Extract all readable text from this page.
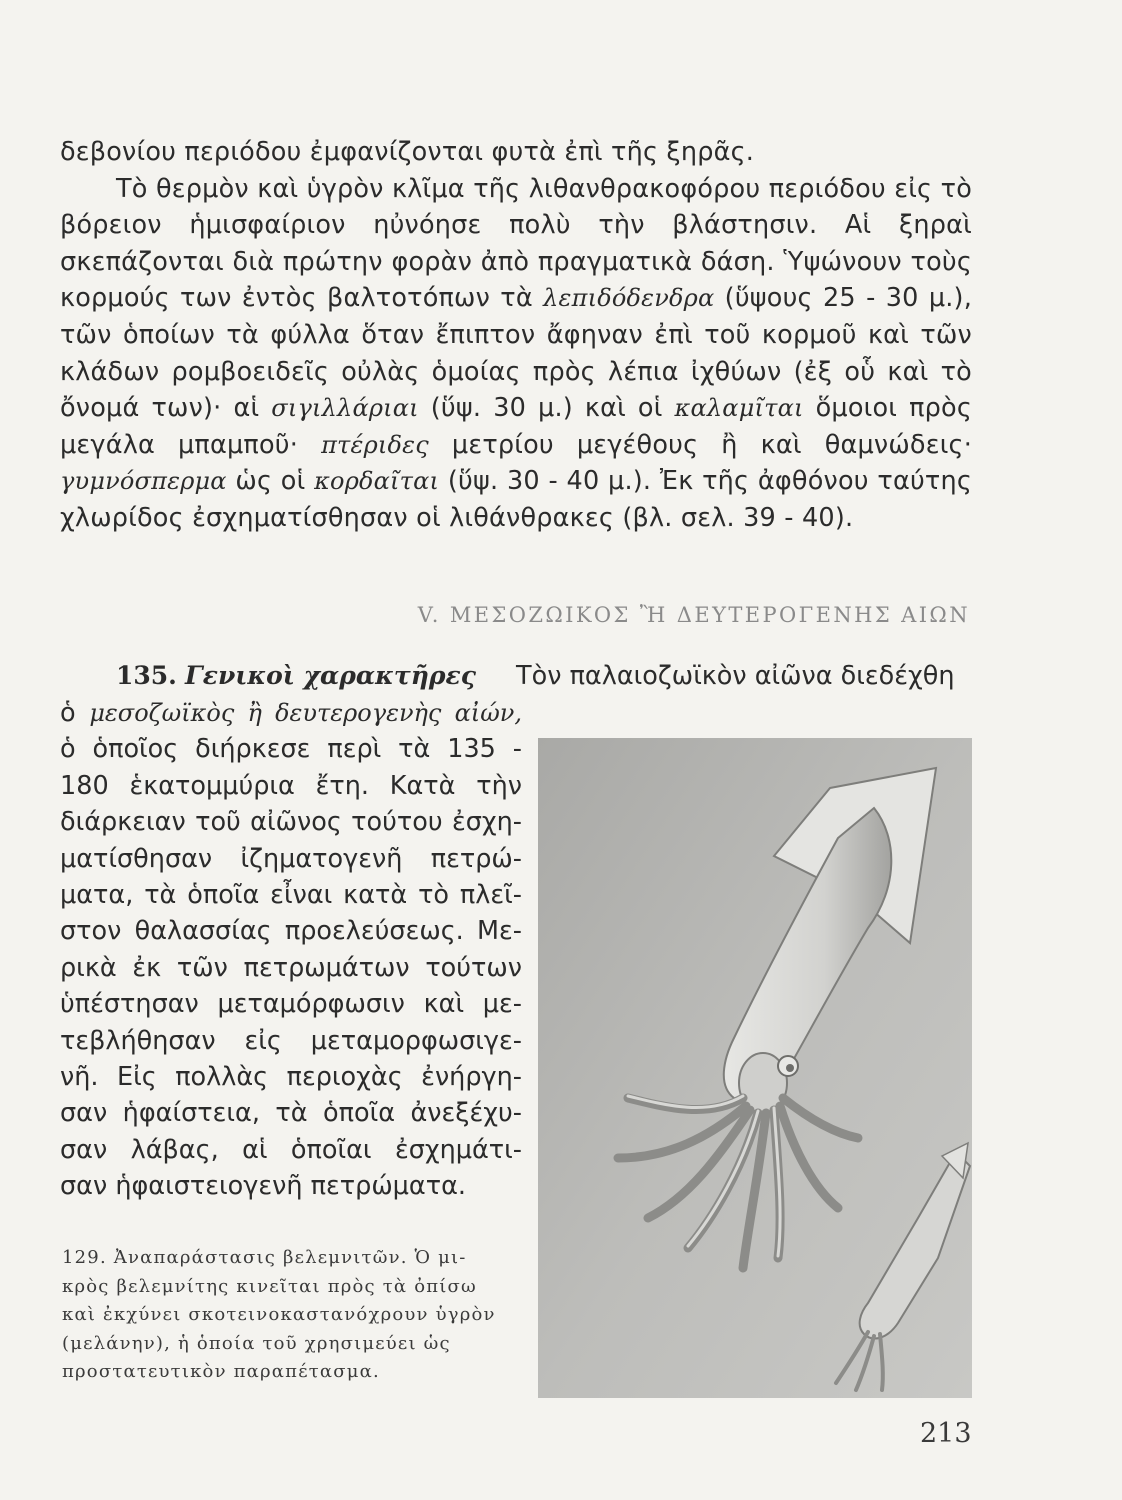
δεβονίου περιόδου ἐμφανίζονται φυτὰ ἐπὶ τῆς ξηρᾶς.
Τὸ θερμὸν καὶ ὑγρὸν κλῖμα τῆς λιθανθρακοφόρου περιόδου εἰς τὸ βόρειον ἡμισφαίριον ηὐνόησε πολὺ τὴν βλάστησιν. Αἱ ξηραὶ σκεπάζονται διὰ πρώτην φορὰν ἀπὸ πραγματικὰ δάση. Ὑψώνουν τοὺς κορμούς των ἐντὸς βαλτοτόπων τὰ λεπιδόδενδρα (ὕψους 25 - 30 μ.), τῶν ὁποίων τὰ φύλλα ὅταν ἔπιπτον ἄφηναν ἐπὶ τοῦ κορμοῦ καὶ τῶν κλάδων ρομβοειδεῖς οὐλὰς ὁμοίας πρὸς λέπια ἰχθύων (ἐξ οὗ καὶ τὸ ὄνομά των)· αἱ σιγιλλάριαι (ὕψ. 30 μ.) καὶ οἱ καλαμῖται ὅμοιοι πρὸς μεγάλα μπαμποῦ· πτέριδες μετρίου μεγέθους ἢ καὶ θαμνώδεις· γυμνόσπερμα ὡς οἱ κορδαῖται (ὕψ. 30 - 40 μ.). Ἐκ τῆς ἀφθόνου ταύτης χλωρίδος ἐσχηματίσθησαν οἱ λιθάνθρακες (βλ. σελ. 39 - 40).

V. ΜΕΣΟΖΩΙΚΟΣ Ἢ ΔΕΥΤΕΡΟΓΕΝΗΣ ΑΙΩΝ
135. Γενικοὶ χαρακτῆρες Τὸν παλαιοζωϊκὸν αἰῶνα διεδέχθη
ὁ μεσοζωϊκὸς ἢ δευτερογενὴς αἰών,
ὁ ὁποῖος διήρκεσε περὶ τὰ 135 -
180 ἑκατομμύρια ἔτη. Κατὰ τὴν
διάρκειαν τοῦ αἰῶνος τούτου ἐσχη-
ματίσθησαν ἰζηματογενῆ πετρώ-
ματα, τὰ ὁποῖα εἶναι κατὰ τὸ πλεῖ-
στον θαλασσίας προελεύσεως. Με-
ρικὰ ἐκ τῶν πετρωμάτων τούτων
ὑπέστησαν μεταμόρφωσιν καὶ με-
τεβλήθησαν εἰς μεταμορφωσιγε-
νῆ. Εἰς πολλὰς περιοχὰς ἐνήργη-
σαν ἡφαίστεια, τὰ ὁποῖα ἀνεξέχυ-
σαν λάβας, αἱ ὁποῖαι ἐσχημάτι-
σαν ἡφαιστειογενῆ πετρώματα.
129. Ἀναπαράστασις βελεμνιτῶν. Ὁ μι-
κρὸς βελεμνίτης κινεῖται πρὸς τὰ ὀπίσω
καὶ ἐκχύνει σκοτεινοκαστανόχρουν ὑγρὸν
(μελάνην), ἡ ὁποία τοῦ χρησιμεύει ὡς
προστατευτικὸν παραπέτασμα.
213
